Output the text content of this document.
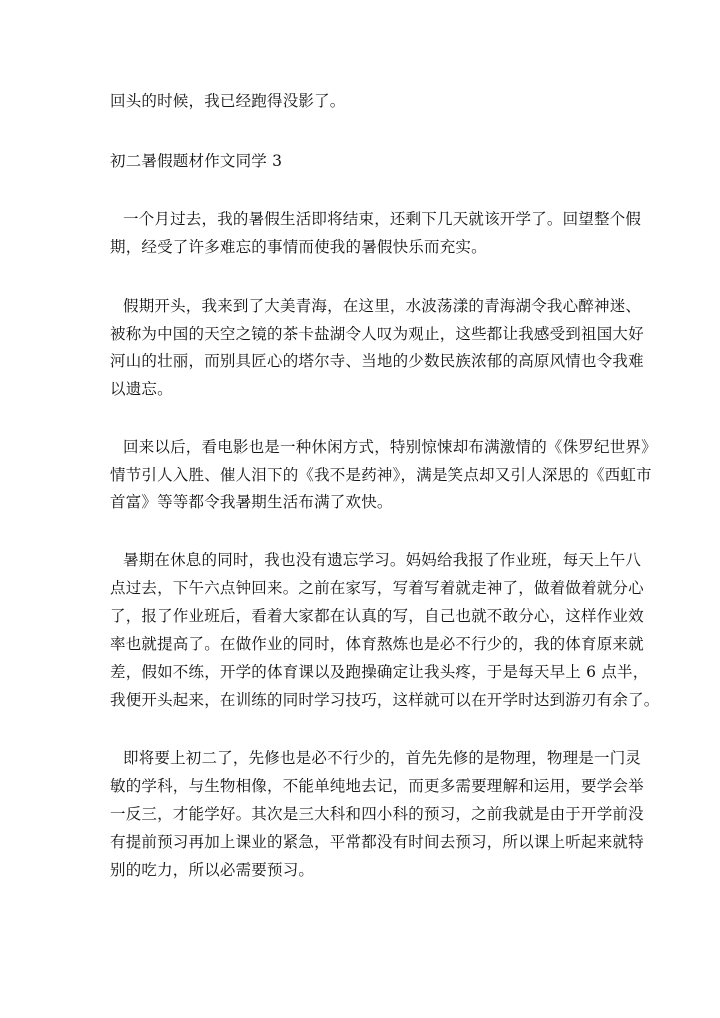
回头的时候，我已经跑得没影了。
初二暑假题材作文同学 3
一个月过去，我的暑假生活即将结束，还剩下几天就该开学了。回望整个假
期，经受了许多难忘的事情而使我的暑假快乐而充实。
假期开头，我来到了大美青海，在这里，水波荡漾的青海湖令我心醉神迷、
被称为中国的天空之镜的茶卡盐湖令人叹为观止，这些都让我感受到祖国大好
河山的壮丽，而别具匠心的塔尔寺、当地的少数民族浓郁的高原风情也令我难
以遗忘。
回来以后，看电影也是一种休闲方式，特别惊悚却布满激情的《侏罗纪世界》
情节引人入胜、催人泪下的《我不是药神》，满是笑点却又引人深思的《西虹市
首富》等等都令我暑期生活布满了欢快。
暑期在休息的同时，我也没有遗忘学习。妈妈给我报了作业班，每天上午八
点过去，下午六点钟回来。之前在家写，写着写着就走神了，做着做着就分心
了，报了作业班后，看着大家都在认真的写，自己也就不敢分心，这样作业效
率也就提高了。在做作业的同时，体育熬炼也是必不行少的，我的体育原来就
差，假如不练，开学的体育课以及跑操确定让我头疼，于是每天早上 6 点半，
我便开头起来，在训练的同时学习技巧，这样就可以在开学时达到游刃有余了。
即将要上初二了，先修也是必不行少的，首先先修的是物理，物理是一门灵
敏的学科，与生物相像，不能单纯地去记，而更多需要理解和运用，要学会举
一反三，才能学好。其次是三大科和四小科的预习，之前我就是由于开学前没
有提前预习再加上课业的紧急，平常都没有时间去预习，所以课上听起来就特
别的吃力，所以必需要预习。
